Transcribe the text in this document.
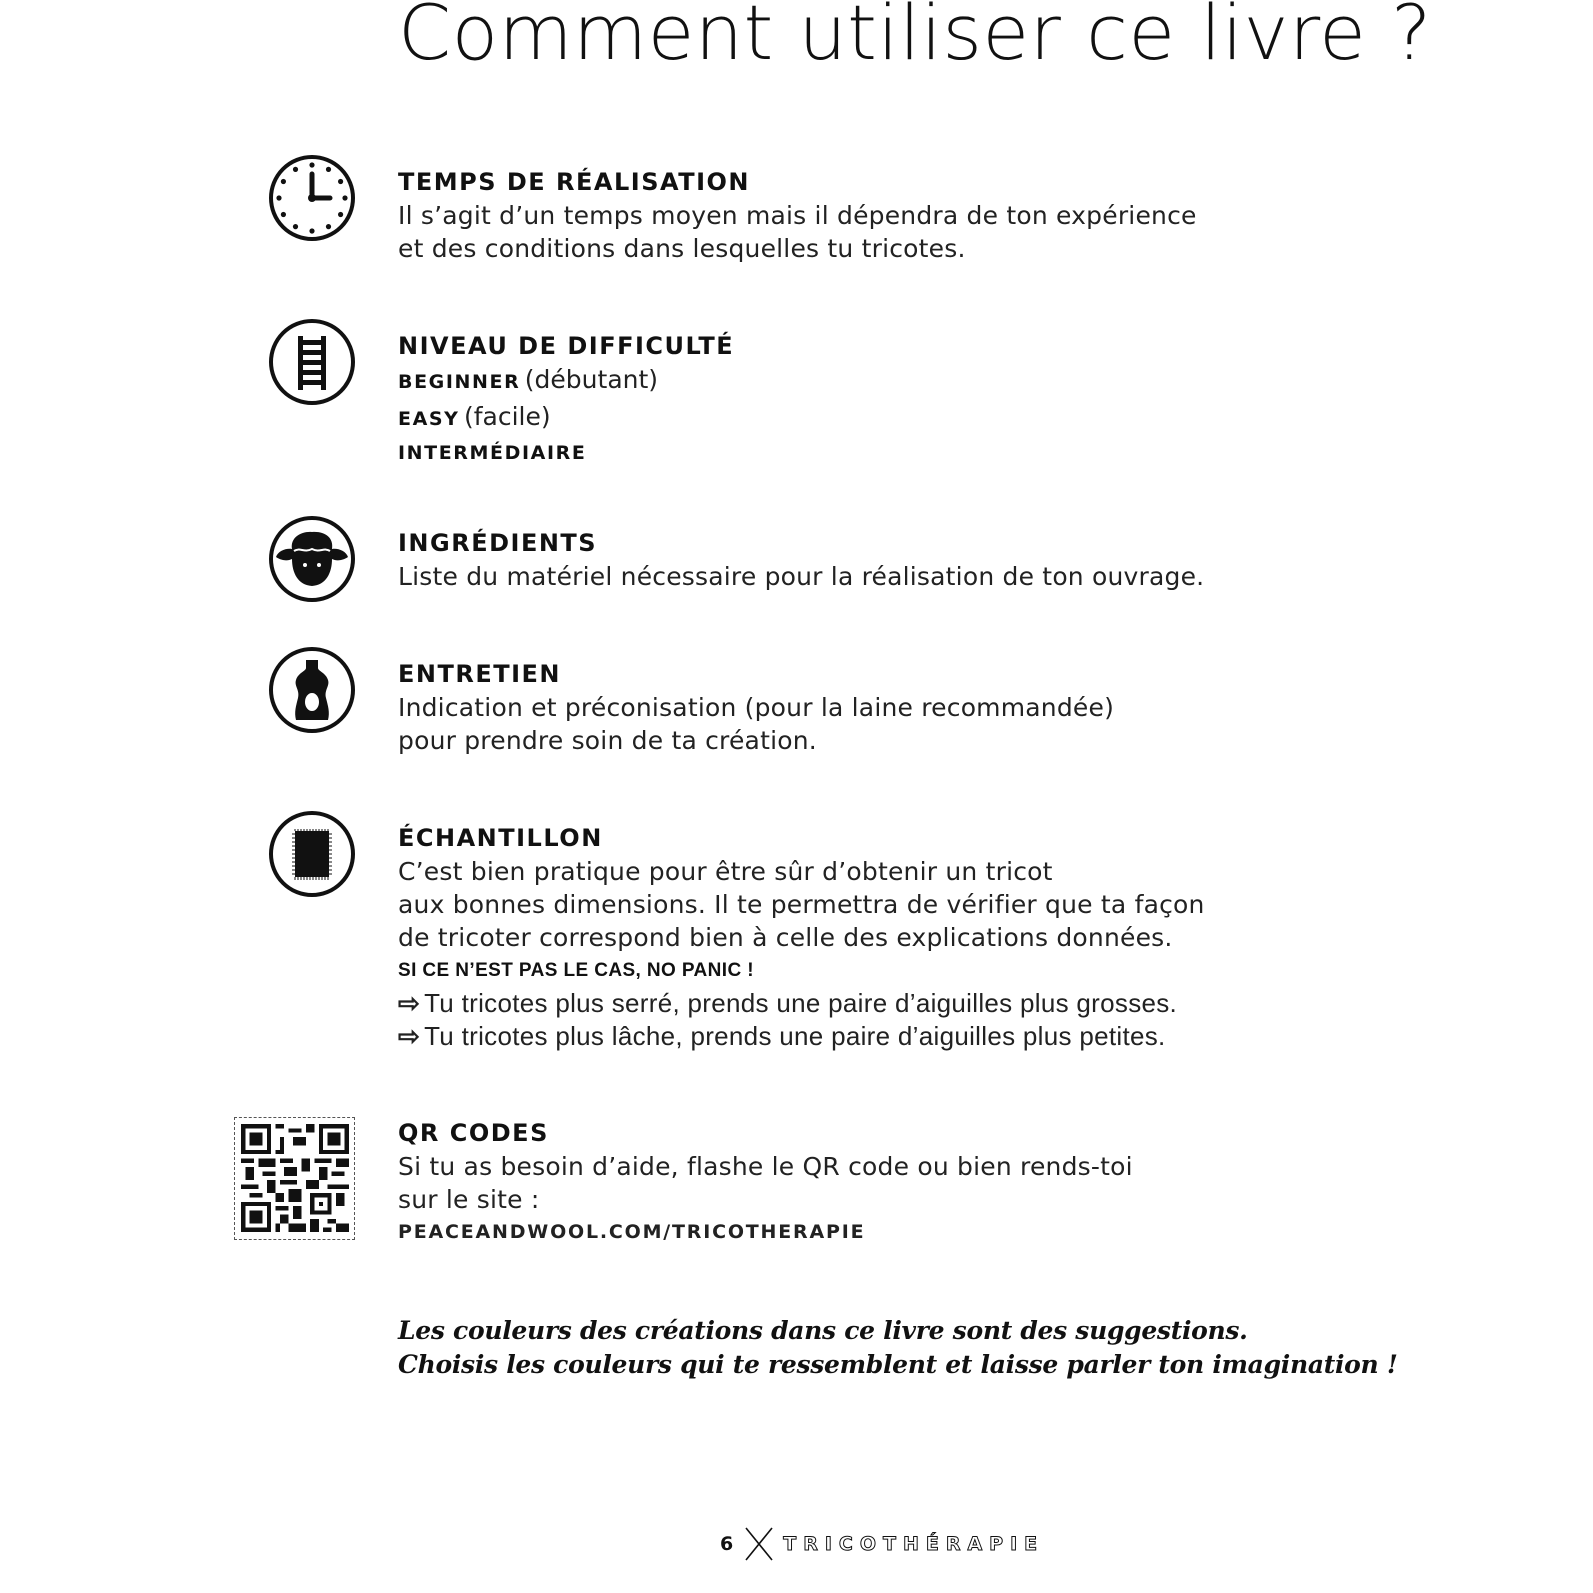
Comment utiliser ce livre ?
TEMPS DE RÉALISATION
Il s’agit d’un temps moyen mais il dépendra de ton expérience
et des conditions dans lesquelles tu tricotes.
NIVEAU DE DIFFICULTÉ
BEGINNER (débutant)
EASY (facile)
INTERMÉDIAIRE
INGRÉDIENTS
Liste du matériel nécessaire pour la réalisation de ton ouvrage.
ENTRETIEN
Indication et préconisation (pour la laine recommandée)
pour prendre soin de ta création.
ÉCHANTILLON
C’est bien pratique pour être sûr d’obtenir un tricot
aux bonnes dimensions. Il te permettra de vérifier que ta façon
de tricoter correspond bien à celle des explications données.
SI CE N’EST PAS LE CAS, NO PANIC !
⇨ Tu tricotes plus serré, prends une paire d’aiguilles plus grosses.
⇨ Tu tricotes plus lâche, prends une paire d’aiguilles plus petites.
QR CODES
Si tu as besoin d’aide, flashe le QR code ou bien rends-toi
sur le site :
PEACEANDWOOL.COM/TRICOTHERAPIE
Les couleurs des créations dans ce livre sont des suggestions.
Choisis les couleurs qui te ressemblent et laisse parler ton imagination !
6	TRICOTHÉRAPIE
